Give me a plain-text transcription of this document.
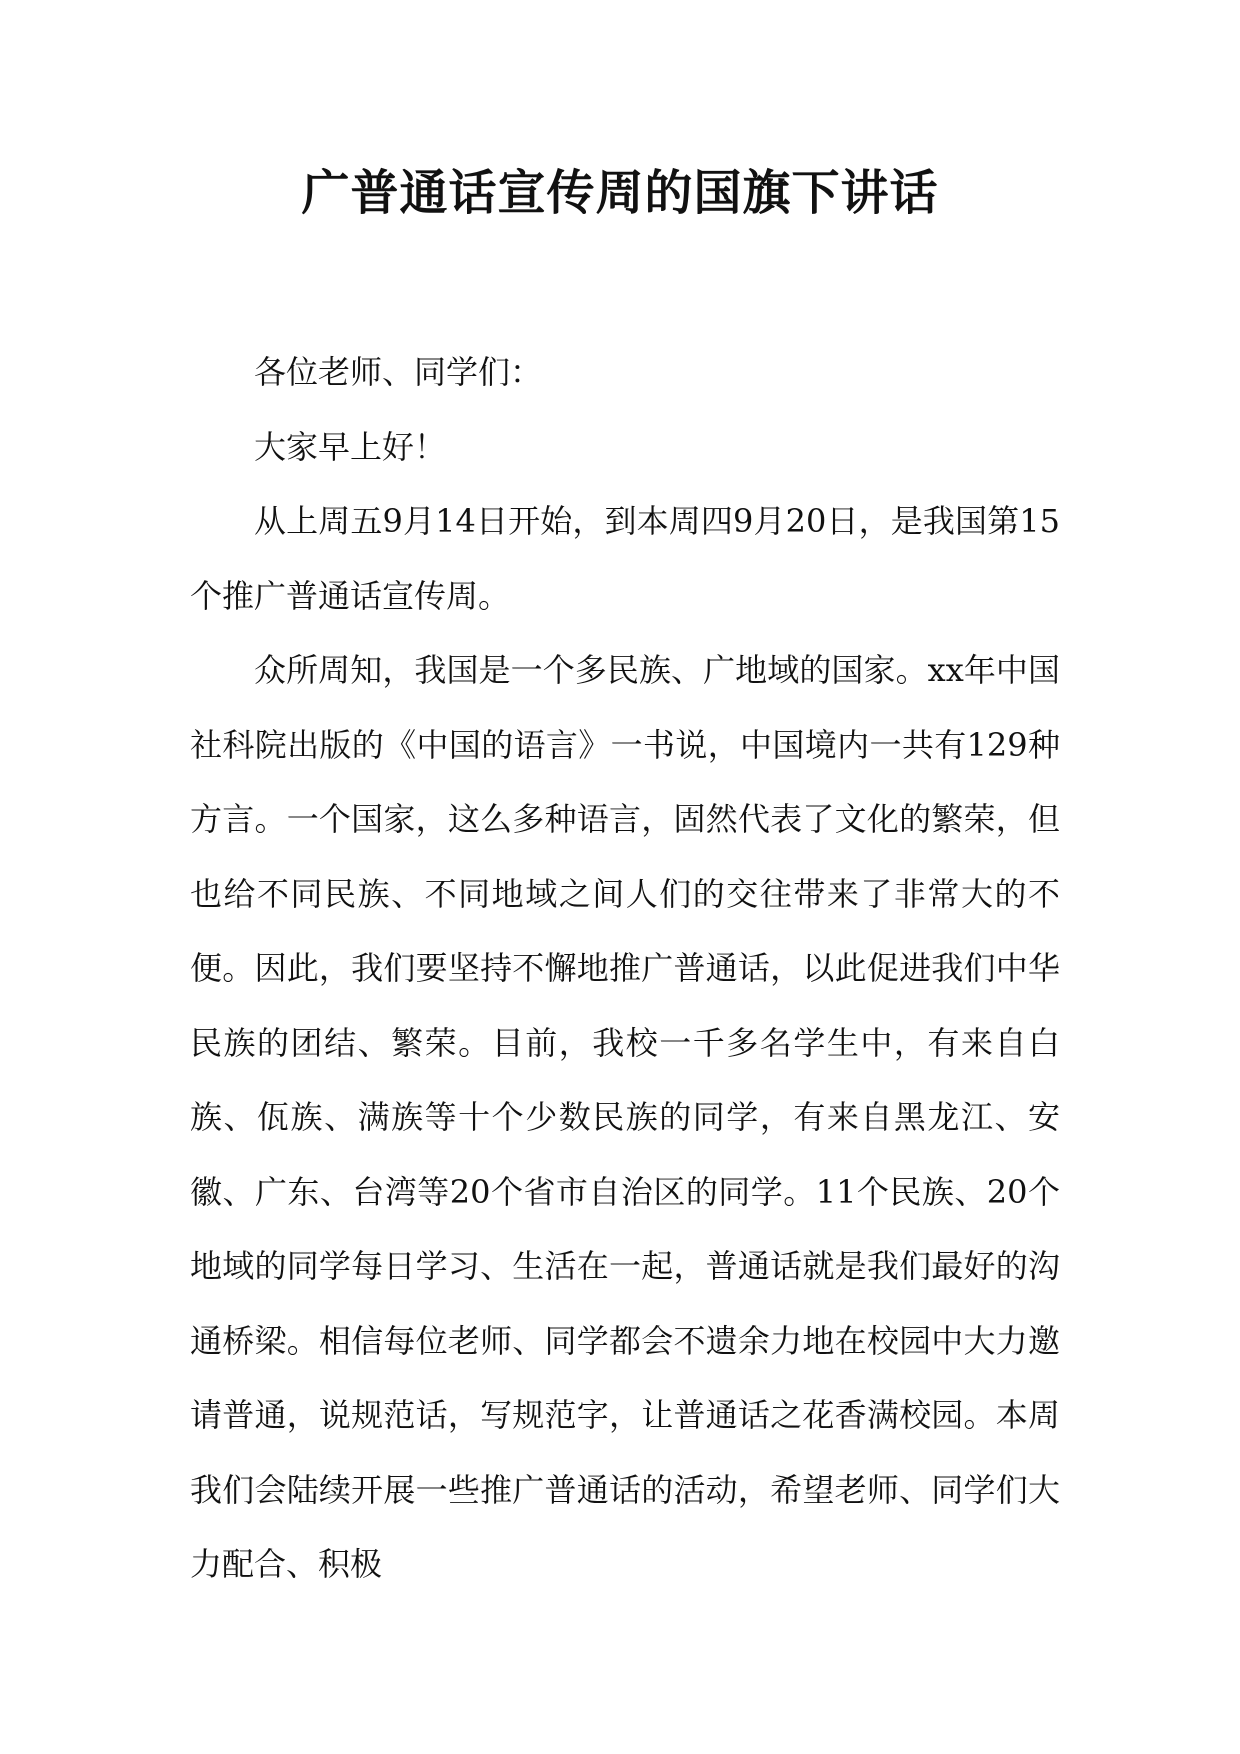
广普通话宣传周的国旗下讲话

各位老师、同学们：

大家早上好！

从上周五9月14日开始，到本周四9月20日，是我国第15个推广普通话宣传周。

众所周知，我国是一个多民族、广地域的国家。xx年中国社科院出版的《中国的语言》一书说，中国境内一共有129种方言。一个国家，这么多种语言，固然代表了文化的繁荣，但也给不同民族、不同地域之间人们的交往带来了非常大的不便。因此，我们要坚持不懈地推广普通话，以此促进我们中华民族的团结、繁荣。目前，我校一千多名学生中，有来自白族、佤族、满族等十个少数民族的同学，有来自黑龙江、安徽、广东、台湾等20个省市自治区的同学。11个民族、20个地域的同学每日学习、生活在一起，普通话就是我们最好的沟通桥梁。相信每位老师、同学都会不遗余力地在校园中大力邀请普通，说规范话，写规范字，让普通话之花香满校园。本周我们会陆续开展一些推广普通话的活动，希望老师、同学们大力配合、积极
